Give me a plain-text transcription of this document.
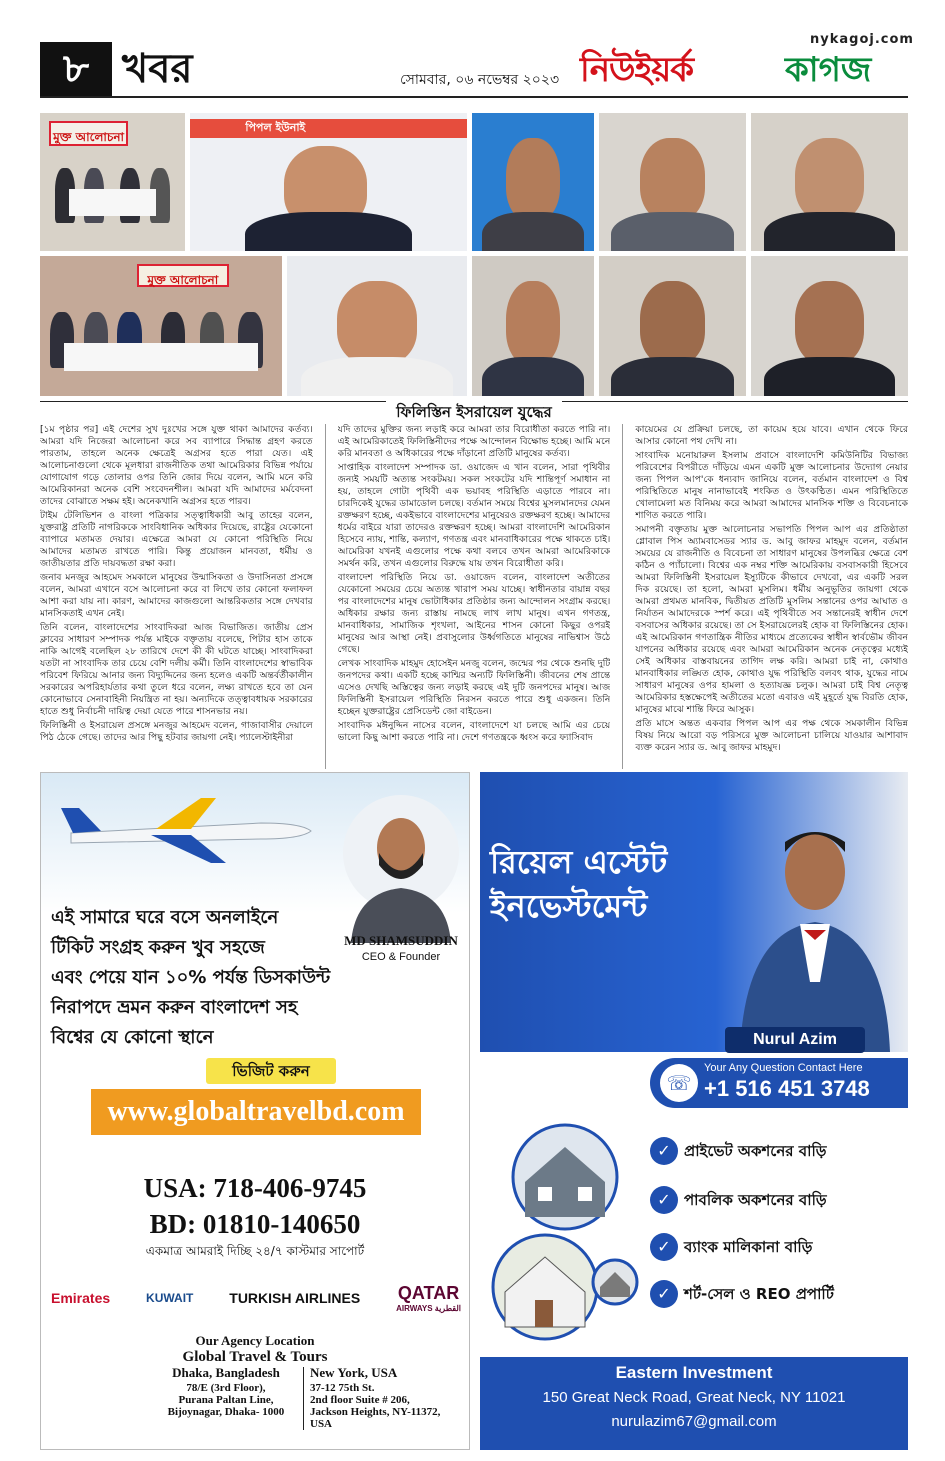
৮ খবর	সোমবার, ০৬ নভেম্বর ২০২৩
nykagoj.com
নিউইয়র্ক	কাগজ
মুক্ত আলোচনা
পিপল ইউনাই
মুক্ত আলোচনা
ফিলিস্তিন ইসরায়েল যুদ্ধের

[১ম পৃষ্ঠার পর] এই দেশের সুখ দুঃখের সঙ্গে যুক্ত থাকা আমাদের কর্তব্য। আমরা যদি নিজেরা আলোচনা করে সব ব্যাপারে সিদ্ধান্ত গ্রহণ করতে পারতাম, তাহলে অনেক ক্ষেত্রেই অগ্রসর হতে পারা যেত। এই আলোচনাগুলো থেকে মূলধারা রাজনীতিক তথা আমেরিকার বিভিন্ন পর্যায়ে যোগাযোগ গড়ে তোলার ওপর তিনি জোর দিয়ে বলেন, আমি মনে করি আমেরিকানরা অনেক বেশি সংবেদনশীল। আমরা যদি আমাদের মর্মবেদনা তাদের বোঝাতে সক্ষম হই। অনেকখানি অগ্রসর হতে পারব।

টাইম টেলিভিশন ও বাংলা পত্রিকার সত্ত্বাধিকারী আবু তাহের বলেন, যুক্তরাষ্ট্র প্রতিটি নাগরিককে সাংবিধানিক অধিকার দিয়েছে, রাষ্ট্রের যেকোনো ব্যাপারে মতামত দেয়ার। এক্ষেত্রে আমরা যে কোনো পরিস্থিতি নিয়ে আমাদের মতামত রাখতে পারি। কিন্তু প্রয়োজন মানবতা, ধর্মীয় ও জাতীয়তার প্রতি দায়বদ্ধতা রক্ষা করা।

জনাব মনজুর আহমেদ সমকালে মানুষের উন্মাসিকতা ও উদাসিনতা প্রসঙ্গে বলেন, আমরা এখানে বসে আলোচনা করে বা লিখে তার কোনো ফলাফল আশা করা যায় না। কারণ, আমাদের কাজগুলো আন্তরিকতার সঙ্গে দেখবার মানসিকতাই এখন নেই।

তিনি বলেন, বাংলাদেশের সাংবাদিকরা আজ বিভাজিত। জাতীয় প্রেস ক্লাবের সাধারণ সম্পাদক পর্যন্ত মাইকে বক্তৃতায় বলেছে, পিটার হাস তাকে নাকি আগেই বলেছিল ২৮ তারিখে দেশে কী কী ঘটতে যাচ্ছে। সাংবাদিকরা যতটা না সাংবাদিক তার চেয়ে বেশি দলীয় কর্মী। তিনি বাংলাদেশের স্বাভাবিক পরিবেশ ফিরিয়ে আনার জন্য বিদ্যুদ্দিনের জন্য হলেও একটি অন্তর্বর্তীকালীন সরকারের অপরিহার্যতার কথা তুলে ধরে বলেন, লক্ষ্য রাখতে হবে তা যেন কোনোভাবে সেনাবাহিনী নিয়ন্ত্রিত না হয়। অন্যদিকে তত্ত্বাবধায়ক সরকারের হাতে শুধু নির্বাচনী দায়িত্ব দেয়া যেতে পারে শাসনভার নয়।

ফিলিস্তিনী ও ইসরায়েল প্রসঙ্গে মনজুর আহমেদ বলেন, গাজাবাসীর দেয়ালে পিঠ ঠেকে গেছে। তাদের আর পিছু হটবার জায়গা নেই। প্যালেস্টাইনীরা

যদি তাদের মুক্তির জন্য লড়াই করে আমরা তার বিরোধীতা করতে পারি না। এই আমেরিকাতেই ফিলিস্তিনীদের পক্ষে আন্দোলন বিক্ষোভ হচ্ছে। আমি মনে করি মানবতা ও অধিকারের পক্ষে দাঁড়ানো প্রতিটি মানুষের কর্তব্য।

সাপ্তাহিক বাংলাদেশ সম্পাদক ডা. ওয়াজেদ এ খান বলেন, সারা পৃথিবীর জন্যই সময়টি অত্যন্ত সংকটময়। সকল সংকটের যদি শান্তিপূর্ণ সমাধান না হয়, তাহলে গোটা পৃথিবী এক ভয়াবহ পরিস্থিতি এড়াতে পারবে না। চারদিকেই যুদ্ধের ডামাডোল চলছে। বর্তমান সময়ে বিশ্বের মুসলমানদের যেমন রক্তক্ষরণ হচ্ছে, একইভাবে বাংলাদেশের মানুষেরও রক্তক্ষরণ হচ্ছে। আমাদের ধর্মের বাইরে যারা তাদেরও রক্তক্ষরণ হচ্ছে। আমরা বাংলাদেশি আমেরিকান হিসেবে ন্যায়, শান্তি, কল্যাণ, গণতন্ত্র এবং মানবাধিকারের পক্ষে থাকতে চাই। আমেরিকা যখনই এগুলোর পক্ষে কথা বলবে তখন আমরা আমেরিকাকে সমর্থন করি, তখন এগুলোর বিরুদ্ধে যায় তখন বিরোধীতা করি।

বাংলাদেশ পরিস্থিতি নিয়ে ডা. ওয়াজেদ বলেন, বাংলাদেশ অতীতের যেকোনো সময়ের চেয়ে অত্যন্ত খারাপ সময় যাচ্ছে। স্বাধীনতার বায়ান্ন বছর পর বাংলাদেশের মানুষ ভোটাধিকার প্রতিষ্ঠার জন্য আন্দোলন সংগ্রাম করছে। অধিকার রক্ষার জন্য রাস্তায় নামছে লাখ লাখ মানুষ। এখন গণতন্ত্র, মানবাধিকার, সামাজিক শৃংখলা, আইনের শাসন কোনো কিছুর ওপরই মানুষের আর আস্থা নেই। প্রবাসুলোর উর্ধ্বগতিতে মানুষের নাভিশ্বাস উঠে গেছে।

লেখক সাংবাদিক মাহমুদ হোসেইন মনজু বলেন, জন্মের পর থেকে শুনছি দুটি জনপদের কথা। একটি হচ্ছে কাশ্মির অন্যটি ফিলিস্তিনী। জীবনের শেষ প্রান্তে এসেও দেখছি অস্তিত্বের জন্য লড়াই করছে এই দুটি জনপদের মানুষ। আজ ফিলিস্তিনী ইসরায়েল পরিস্থিতি নিরসন করতে পারে শুধু একজন। তিনি হচ্ছেন যুক্তরাষ্ট্রের প্রেসিডেন্ট জো বাইডেন।

সাংবাদিক মঈনুদ্দিন নাসের বলেন, বাংলাদেশে যা চলছে আমি এর চেয়ে ভালো কিছু আশা করতে পারি না। দেশে গণতন্ত্রকে ধ্বংস করে ফ্যাসিবাদ

কায়েমের যে প্রক্রিয়া চলছে, তা কায়েম হয়ে যাবে। এখান থেকে ফিরে আসার কোনো পথ দেখি না।

সাংবাদিক মনোয়ারুল ইসলাম প্রবাসে বাংলাদেশি কমিউনিটির বিভাজ্য পরিবেশের বিপরীতে দাঁড়িয়ে এমন একটি মুক্ত আলোচনার উদ্যোগ নেয়ার জন্য পিপল আপ'কে ধন্যবাদ জানিয়ে বলেন, বর্তমান বাংলাদেশ ও বিশ্ব পরিস্থিতিতে মানুষ নানাভাবেই শংকিত ও উৎকণ্ঠিত। এমন পরিস্থিতিতে খোলামেলা মত বিনিময় করে আমরা আমাদের মানসিক শক্তি ও বিবেচনাকে শাণিত করতে পারি।

সমাপনী বক্তৃতায় মুক্ত আলোচনার সভাপতি পিপল আপ এর প্রতিষ্ঠাতা গ্লোবাল পিস অ্যামবাসেডর স্যার ড. আবু জাফর মাহমুদ বলেন, বর্তমান সময়ের যে রাজনীতি ও বিবেচনা তা সাধারণ মানুষের উপলব্ধির ক্ষেত্রে বেশ কঠিন ও প্যাঁচালো। বিশ্বের এক নম্বর শক্তি আমেরিকায় বসবাসকারী হিসেবে আমরা ফিলিস্তিনী ইসরায়েল ইস্যুটিকে কীভাবে দেখবো, এর একটি সরল দিক রয়েছে। তা হলো, আমরা মুসলিম। ধর্মীয় অনুভূতির জায়গা থেকে আমরা প্রথমত মানবিক, দ্বিতীয়ত প্রতিটি মুসলিম সন্তানের ওপর আঘাত ও নির্যাতন আমাদেরকে স্পর্শ করে। এই পৃথিবীতে সব সন্তানেরই স্বাধীন দেশে বসবাসের অধিকার রয়েছে। তা সে ইসরায়েলেরই হোক বা ফিলিস্তিনের হোক। এই আমেরিকান গণতান্ত্রিক নীতির মাধ্যমে প্রত্যেকের স্বাধীন স্বার্বভৌম জীবন যাপনের অধিকার রয়েছে এবং আমরা আমেরিকান অনেক নেতৃত্বের মধ্যেই সেই অধিকার বাস্তবায়নের তাগিদ লক্ষ করি। আমরা চাই না, কোথাও মানবাধিকার লঙ্ঘিত হোক, কোথাও যুদ্ধ পরিস্থিতি বলবৎ থাক, যুদ্ধের নামে সাধারণ মানুষের ওপর হামলা ও হত্যাযজ্ঞ চলুক। আমরা চাই বিশ্ব নেতৃত্ব আমেরিকার হস্তক্ষেপেই অতীতের মতো এবারও এই মুহূর্তে যুদ্ধ বিরতি হোক, মানুষের মাঝে শান্তি ফিরে আসুক।

প্রতি মাসে অন্তত একবার পিপল আপ এর পক্ষ থেকে সমকালীন বিভিন্ন বিষয় নিয়ে আরো বড় পরিসরে মুক্ত আলোচনা চালিয়ে যাওয়ার আশাবাদ ব্যক্ত করেন স্যার ড. আবু জাফর মাহমুদ।

MD SHAMSUDDIN
CEO & Founder
এই সামারে ঘরে বসে অনলাইনে
টিকিট সংগ্রহ করুন খুব সহজে
এবং পেয়ে যান ১০% পর্যন্ত ডিসকাউন্ট
নিরাপদে ভ্রমন করুন বাংলাদেশ সহ
বিশ্বের যে কোনো স্থানে
ভিজিট করুন
www.globaltravelbd.com
USA: 718-406-9745
BD: 01810-140650
একমাত্র আমরাই দিচ্ছি ২৪/৭ কাস্টমার সাপোর্ট
Emirates	KUWAIT	TURKISH AIRLINES QATAR
AIRWAYS القطرية
Our Agency Location
Global Travel & Tours
Dhaka, Bangladesh
78/E (3rd Floor),
Purana Paltan Line,
Bijoynagar, Dhaka- 1000
New York, USA
37-12 75th St.
2nd floor Suite # 206,
Jackson Heights, NY-11372, USA
রিয়েল এস্টেট
ইনভেস্টমেন্ট
Nurul Azim
☏
Your Any Question Contact Here
+1 516 451 3748
✓ প্রাইভেট অকশনের বাড়ি
✓ পাবলিক অকশনের বাড়ি
✓ ব্যাংক মালিকানা বাড়ি
✓ শর্ট-সেল ও REO প্রপার্টি
Eastern Investment
150 Great Neck Road, Great Neck, NY 11021
nurulazim67@gmail.com
